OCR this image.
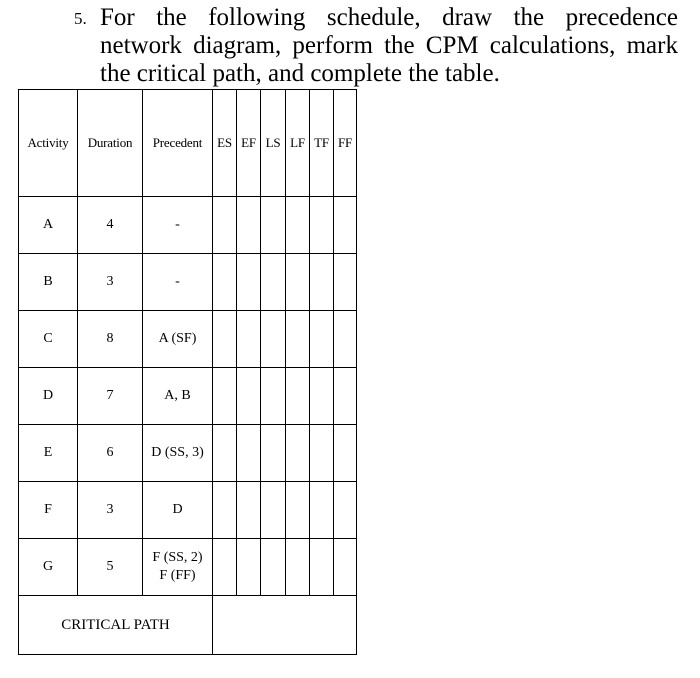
5. For the following schedule, draw the precedence
network diagram, perform the CPM calculations, mark
the critical path, and complete the table.
Activity	Duration	Precedent	ES	EF	LS	LF	TF	FF
A	4	-						
B	3	-						
C	8	A (SF)						
D	7	A, B						
E	6	D (SS, 3)						
F	3	D						
G	5	F (SS, 2)
F (FF)						

CRITICAL PATH								
